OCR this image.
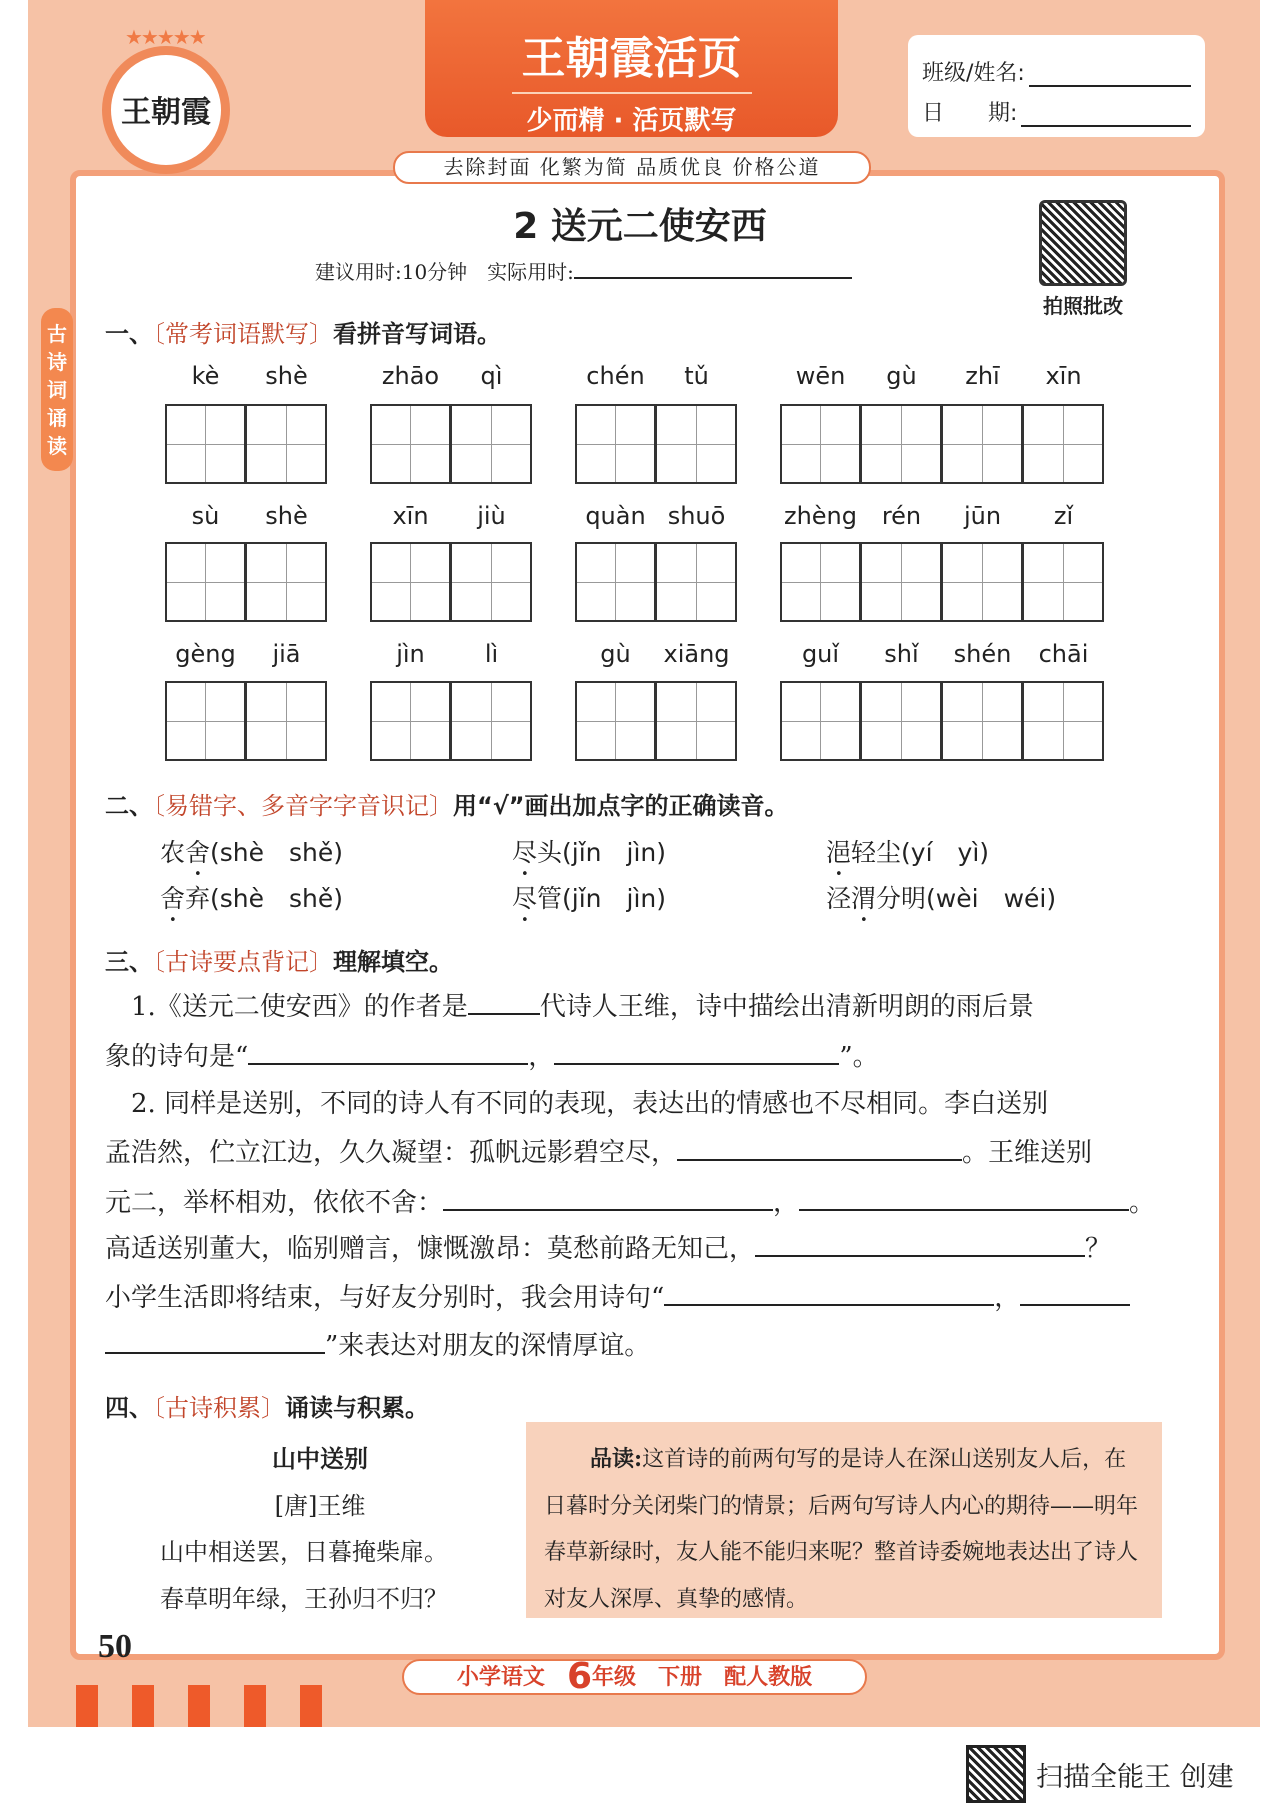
★★★★★
王朝霞
王朝霞活页
少而精 · 活页默写
班级/姓名:
日　　期:
去除封面 化繁为简 品质优良 价格公道
2 送元二使安西
建议用时:10分钟　实际用时:
拍照批改
古诗词诵读
一、〔常考词语默写〕看拼音写词语。
kè	shè	zhāo	qì	chén	tǔ	wēn	gù	zhī	xīn
sù	shè	xīn	jiù	quàn shuō	zhèng	rén	jūn	zǐ
gèng	jiā	jìn	lì	gù	xiāng	guǐ	shǐ	shén	chāi
二、〔易错字、多音字字音识记〕用“√”画出加点字的正确读音。
农舍(shè　shě)	尽头(jǐn　jìn)	浥轻尘(yí　yì)
舍弃(shè　shě)	尽管(jǐn　jìn)	泾渭分明(wèi　wéi)
三、〔古诗要点背记〕理解填空。
1.《送元二使安西》的作者是	代诗人王维，诗中描绘出清新明朗的雨后景
象的诗句是“	，	”。
2. 同样是送别，不同的诗人有不同的表现，表达出的情感也不尽相同。李白送别
孟浩然，伫立江边，久久凝望：孤帆远影碧空尽，	。王维送别
元二，举杯相劝，依依不舍：	，	。
高适送别董大，临别赠言，慷慨激昂：莫愁前路无知己，	？
小学生活即将结束，与好友分别时，我会用诗句“	，
”来表达对朋友的深情厚谊。
四、〔古诗积累〕诵读与积累。
山中送别
[唐]王维
山中相送罢，日暮掩柴扉。
春草明年绿，王孙归不归？
品读:这首诗的前两句写的是诗人在深山送别友人后，在日暮时分关闭柴门的情景；后两句写诗人内心的期待——明年春草新绿时，友人能不能归来呢？整首诗委婉地表达出了诗人对友人深厚、真挚的感情。
50
小学语文　 6年级　 下册　 配人教版
扫描全能王 创建
